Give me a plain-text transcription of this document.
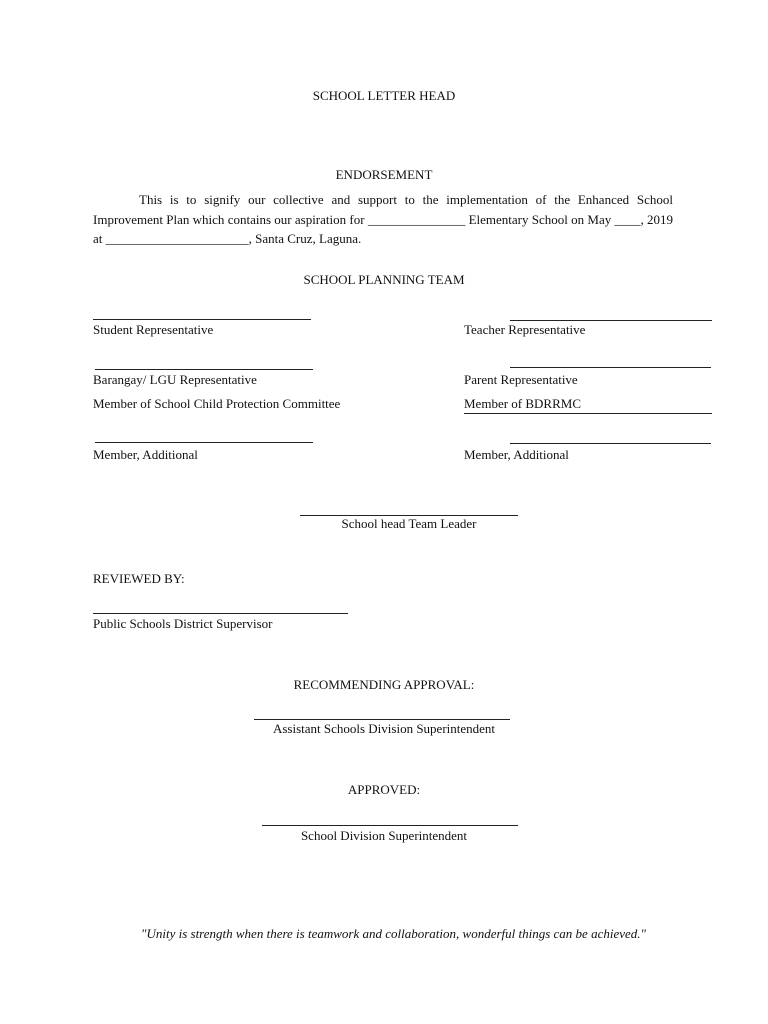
SCHOOL LETTER HEAD
ENDORSEMENT
This is to signify our collective and support to the implementation of the Enhanced School Improvement Plan which contains our aspiration for _______________ Elementary School on May ____, 2019 at ______________________, Santa Cruz, Laguna.
SCHOOL PLANNING TEAM
Student Representative	Teacher Representative
Barangay/ LGU Representative	Parent Representative
Member of School Child Protection Committee	Member of BDRRMC
Member, Additional	Member, Additional
School head Team Leader
REVIEWED BY:
Public Schools District Supervisor
RECOMMENDING APPROVAL:
Assistant Schools Division Superintendent
APPROVED:
School Division Superintendent
"Unity is strength when there is teamwork and collaboration, wonderful things can be achieved."
